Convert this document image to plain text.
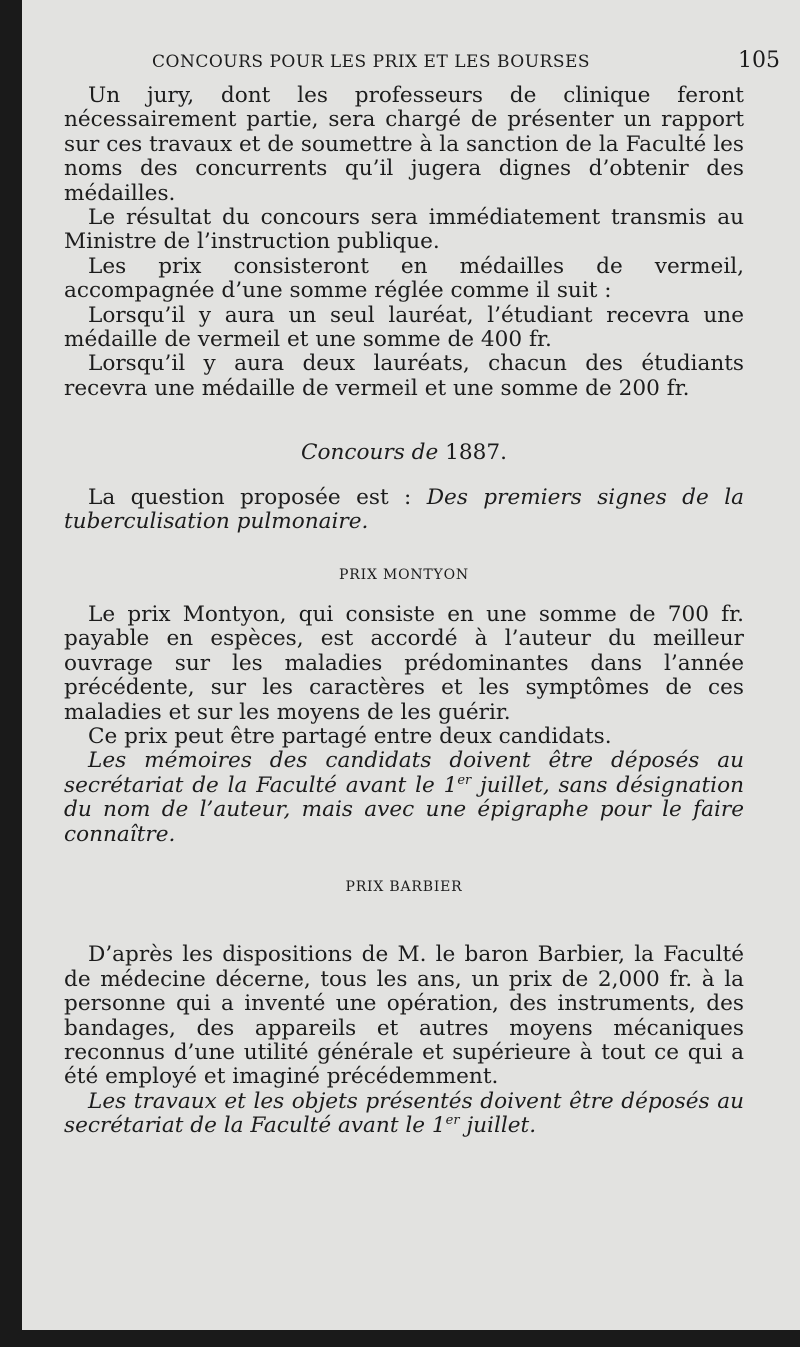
CONCOURS POUR LES PRIX ET LES BOURSES	105

Un jury, dont les professeurs de clinique feront nécessairement partie, sera chargé de présenter un rapport sur ces travaux et de soumettre à la sanction de la Faculté les noms des concurrents qu’il jugera dignes d’obtenir des médailles.

Le résultat du concours sera immédiatement transmis au Ministre de l’instruction publique.

Les prix consisteront en médailles de vermeil, accompagnée d’une somme réglée comme il suit :

Lorsqu’il y aura un seul lauréat, l’étudiant recevra une médaille de vermeil et une somme de 400 fr.

Lorsqu’il y aura deux lauréats, chacun des étudiants recevra une médaille de vermeil et une somme de 200 fr.

Concours de 1887.

La question proposée est : Des premiers signes de la tuberculisation pulmonaire.

PRIX MONTYON

Le prix Montyon, qui consiste en une somme de 700 fr. payable en espèces, est accordé à l’auteur du meilleur ouvrage sur les maladies prédominantes dans l’année précédente, sur les caractères et les symptômes de ces maladies et sur les moyens de les guérir.

Ce prix peut être partagé entre deux candidats.

Les mémoires des candidats doivent être déposés au secrétariat de la Faculté avant le 1er juillet, sans désignation du nom de l’auteur, mais avec une épigraphe pour le faire connaître.

PRIX BARBIER

D’après les dispositions de M. le baron Barbier, la Faculté de médecine décerne, tous les ans, un prix de 2,000 fr. à la personne qui a inventé une opération, des instruments, des bandages, des appareils et autres moyens mécaniques reconnus d’une utilité générale et supérieure à tout ce qui a été employé et imaginé précédemment.

Les travaux et les objets présentés doivent être déposés au secrétariat de la Faculté avant le 1er juillet.
